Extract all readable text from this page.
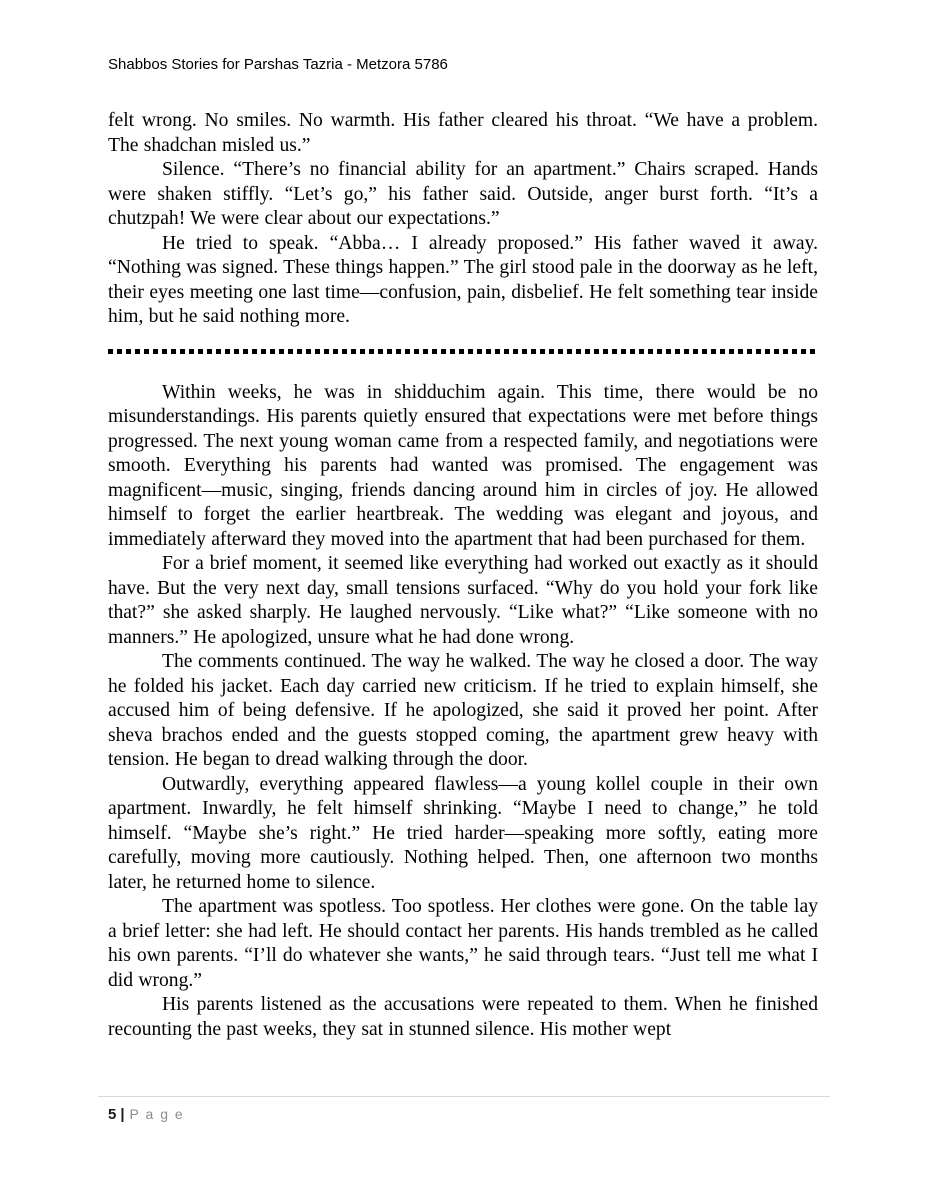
Shabbos Stories for Parshas Tazria - Metzora 5786

felt wrong. No smiles. No warmth. His father cleared his throat. “We have a problem. The shadchan misled us.”

Silence. “There’s no financial ability for an apartment.” Chairs scraped. Hands were shaken stiffly. “Let’s go,” his father said. Outside, anger burst forth. “It’s a chutzpah! We were clear about our expectations.”

He tried to speak. “Abba… I already proposed.” His father waved it away. “Nothing was signed. These things happen.” The girl stood pale in the doorway as he left, their eyes meeting one last time—confusion, pain, disbelief. He felt something tear inside him, but he said nothing more.

Within weeks, he was in shidduchim again. This time, there would be no misunderstandings. His parents quietly ensured that expectations were met before things progressed. The next young woman came from a respected family, and negotiations were smooth. Everything his parents had wanted was promised. The engagement was magnificent—music, singing, friends dancing around him in circles of joy. He allowed himself to forget the earlier heartbreak. The wedding was elegant and joyous, and immediately afterward they moved into the apartment that had been purchased for them.

For a brief moment, it seemed like everything had worked out exactly as it should have. But the very next day, small tensions surfaced. “Why do you hold your fork like that?” she asked sharply. He laughed nervously. “Like what?” “Like someone with no manners.” He apologized, unsure what he had done wrong.

The comments continued. The way he walked. The way he closed a door. The way he folded his jacket. Each day carried new criticism. If he tried to explain himself, she accused him of being defensive. If he apologized, she said it proved her point. After sheva brachos ended and the guests stopped coming, the apartment grew heavy with tension. He began to dread walking through the door.

Outwardly, everything appeared flawless—a young kollel couple in their own apartment. Inwardly, he felt himself shrinking. “Maybe I need to change,” he told himself. “Maybe she’s right.” He tried harder—speaking more softly, eating more carefully, moving more cautiously. Nothing helped. Then, one afternoon two months later, he returned home to silence.

The apartment was spotless. Too spotless. Her clothes were gone. On the table lay a brief letter: she had left. He should contact her parents. His hands trembled as he called his own parents. “I’ll do whatever she wants,” he said through tears. “Just tell me what I did wrong.”

His parents listened as the accusations were repeated to them. When he finished recounting the past weeks, they sat in stunned silence. His mother wept

5 | P a g e
